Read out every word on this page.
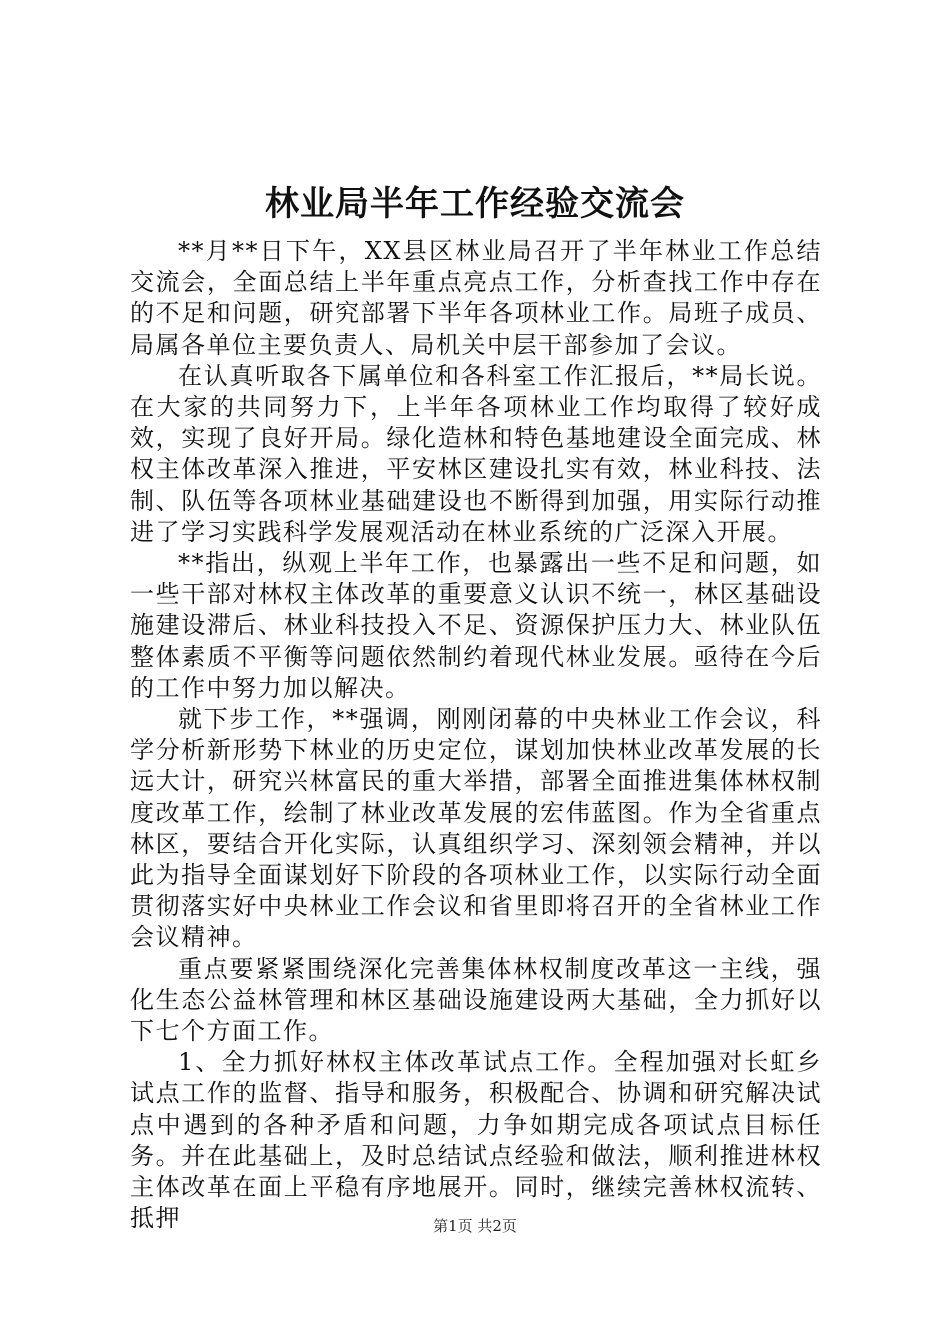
林业局半年工作经验交流会

**月**日下午，XX县区林业局召开了半年林业工作总结交流会，全面总结上半年重点亮点工作，分析查找工作中存在的不足和问题，研究部署下半年各项林业工作。局班子成员、局属各单位主要负责人、局机关中层干部参加了会议。

在认真听取各下属单位和各科室工作汇报后，**局长说。在大家的共同努力下，上半年各项林业工作均取得了较好成效，实现了良好开局。绿化造林和特色基地建设全面完成、林权主体改革深入推进，平安林区建设扎实有效，林业科技、法制、队伍等各项林业基础建设也不断得到加强，用实际行动推进了学习实践科学发展观活动在林业系统的广泛深入开展。

**指出，纵观上半年工作，也暴露出一些不足和问题，如一些干部对林权主体改革的重要意义认识不统一，林区基础设施建设滞后、林业科技投入不足、资源保护压力大、林业队伍整体素质不平衡等问题依然制约着现代林业发展。亟待在今后的工作中努力加以解决。

就下步工作，**强调，刚刚闭幕的中央林业工作会议，科学分析新形势下林业的历史定位，谋划加快林业改革发展的长远大计，研究兴林富民的重大举措，部署全面推进集体林权制度改革工作，绘制了林业改革发展的宏伟蓝图。作为全省重点林区，要结合开化实际，认真组织学习、深刻领会精神，并以此为指导全面谋划好下阶段的各项林业工作，以实际行动全面贯彻落实好中央林业工作会议和省里即将召开的全省林业工作会议精神。

重点要紧紧围绕深化完善集体林权制度改革这一主线，强化生态公益林管理和林区基础设施建设两大基础，全力抓好以下七个方面工作。

1、全力抓好林权主体改革试点工作。全程加强对长虹乡试点工作的监督、指导和服务，积极配合、协调和研究解决试点中遇到的各种矛盾和问题，力争如期完成各项试点目标任务。并在此基础上，及时总结试点经验和做法，顺利推进林权主体改革在面上平稳有序地展开。同时，继续完善林权流转、抵押	第1页 共2页
